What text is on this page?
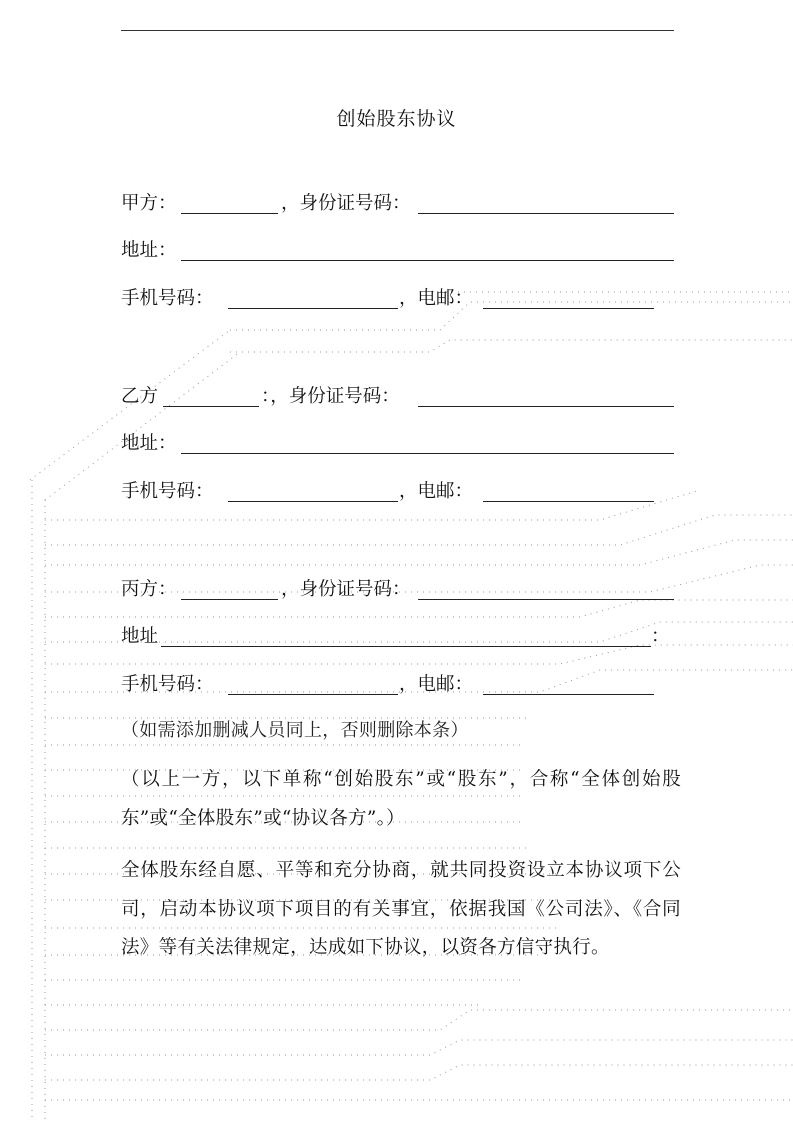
创始股东协议
甲方：	，身份证号码：
地址：
手机号码：	，电邮：
乙方	：，身份证号码：
地址：
手机号码：	，电邮：
丙方：	，身份证号码：
地址	：
手机号码：	，电邮：
（如需添加删减人员同上，否则删除本条）
（以上一方，以下单称“创始股东”或“股东”，合称“全体创始股东”或“全体股东”或“协议各方”。）
全体股东经自愿、平等和充分协商，就共同投资设立本协议项下公司，启动本协议项下项目的有关事宜，依据我国《公司法》、《合同法》等有关法律规定，达成如下协议，以资各方信守执行。
